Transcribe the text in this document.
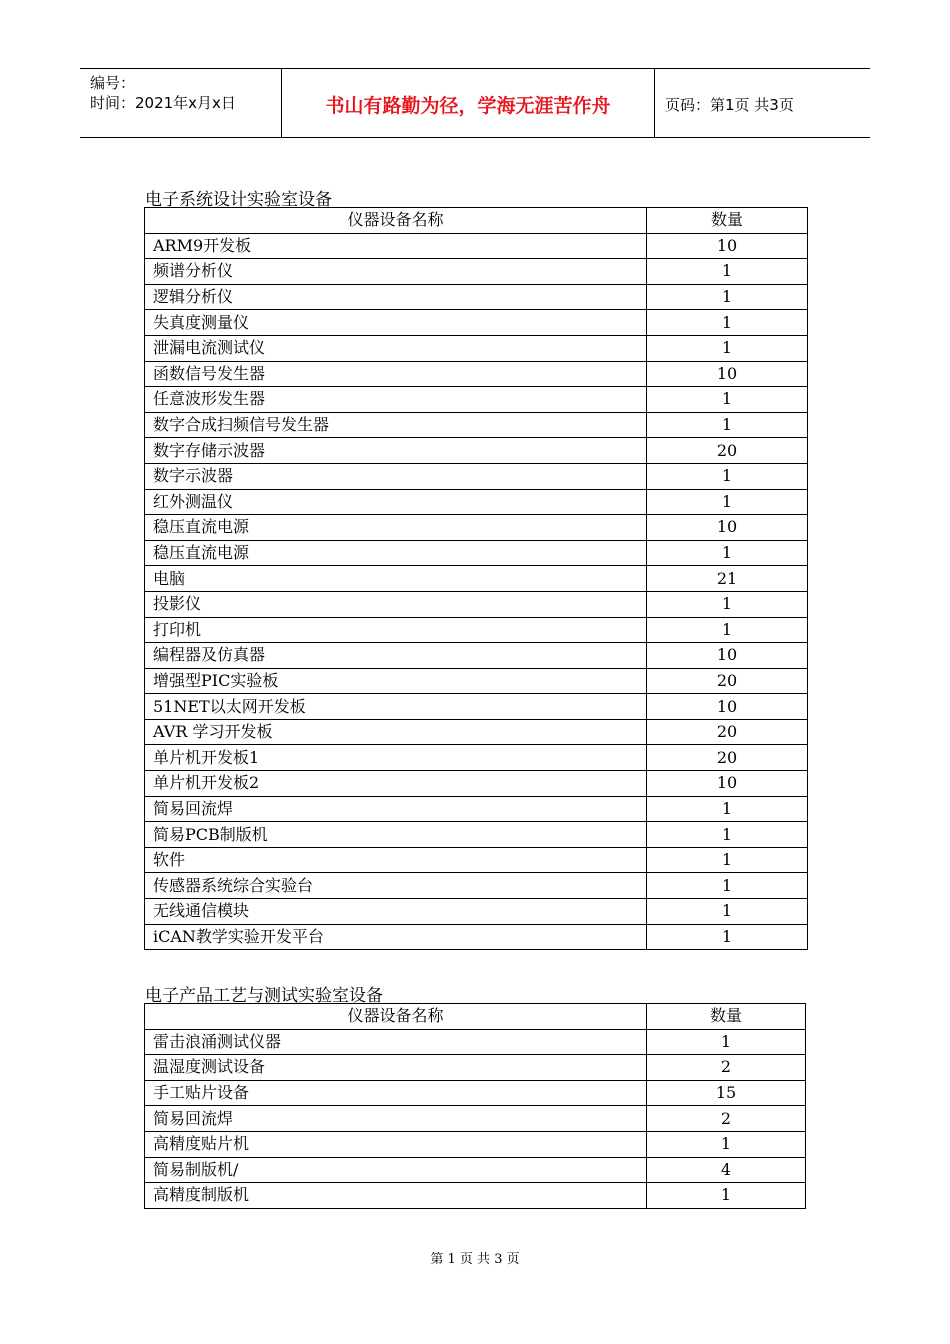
编号：
时间：2021年x月x日	书山有路勤为径，学海无涯苦作舟	页码：第1页 共3页
电子系统设计实验室设备
仪器设备名称	数量
ARM9开发板	10
频谱分析仪	1
逻辑分析仪	1
失真度测量仪	1
泄漏电流测试仪	1
函数信号发生器	10
任意波形发生器	1
数字合成扫频信号发生器	1
数字存储示波器	20
数字示波器	1
红外测温仪	1
稳压直流电源	10
稳压直流电源	1
电脑	21
投影仪	1
打印机	1
编程器及仿真器	10
增强型PIC实验板	20
51NET以太网开发板	10
AVR 学习开发板	20
单片机开发板1	20
单片机开发板2	10
简易回流焊	1
简易PCB制版机	1
软件	1
传感器系统综合实验台	1
无线通信模块	1
iCAN教学实验开发平台	1
电子产品工艺与测试实验室设备
仪器设备名称	数量
雷击浪涌测试仪器	1
温湿度测试设备	2
手工贴片设备	15
简易回流焊	2
高精度贴片机	1
简易制版机/	4
高精度制版机	1
第 1 页 共 3 页
